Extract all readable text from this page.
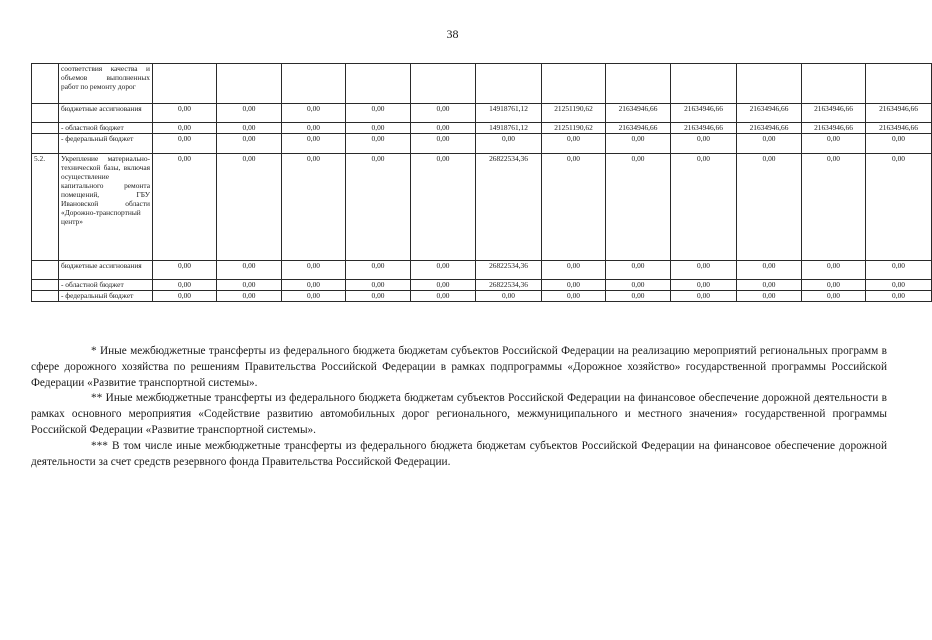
38
	соответствия качества и объемов выполненных работ по ремонту дорог												
	бюджетные ассигнования	0,00	0,00	0,00	0,00	0,00	14918761,12	21251190,62	21634946,66	21634946,66	21634946,66	21634946,66	21634946,66
	- областной бюджет	0,00	0,00	0,00	0,00	0,00	14918761,12	21251190,62	21634946,66	21634946,66	21634946,66	21634946,66	21634946,66
	- федеральный бюджет	0,00	0,00	0,00	0,00	0,00	0,00	0,00	0,00	0,00	0,00	0,00	0,00
5.2.	Укрепление материально-технической базы, включая осуществление капитального ремонта помещений, ГБУ Ивановской области «Дорожно-транспортный центр»	0,00	0,00	0,00	0,00	0,00	26822534,36	0,00	0,00	0,00	0,00	0,00	0,00
	бюджетные ассигнования	0,00	0,00	0,00	0,00	0,00	26822534,36	0,00	0,00	0,00	0,00	0,00	0,00
	- областной бюджет	0,00	0,00	0,00	0,00	0,00	26822534,36	0,00	0,00	0,00	0,00	0,00	0,00
	- федеральный бюджет	0,00	0,00	0,00	0,00	0,00	0,00	0,00	0,00	0,00	0,00	0,00	0,00

* Иные межбюджетные трансферты из федерального бюджета бюджетам субъектов Российской Федерации на реализацию мероприятий региональных программ в сфере дорожного хозяйства по решениям Правительства Российской Федерации в рамках подпрограммы «Дорожное хозяйство» государственной программы Российской Федерации «Развитие транспортной системы».

** Иные межбюджетные трансферты из федерального бюджета бюджетам субъектов Российской Федерации на финансовое обеспечение дорожной деятельности в рамках основного мероприятия «Содействие развитию автомобильных дорог регионального, межмуниципального и местного значения» государственной программы Российской Федерации «Развитие транспортной системы».

*** В том числе иные межбюджетные трансферты из федерального бюджета бюджетам субъектов Российской Федерации на финансовое обеспечение дорожной деятельности за счет средств резервного фонда Правительства Российской Федерации.
